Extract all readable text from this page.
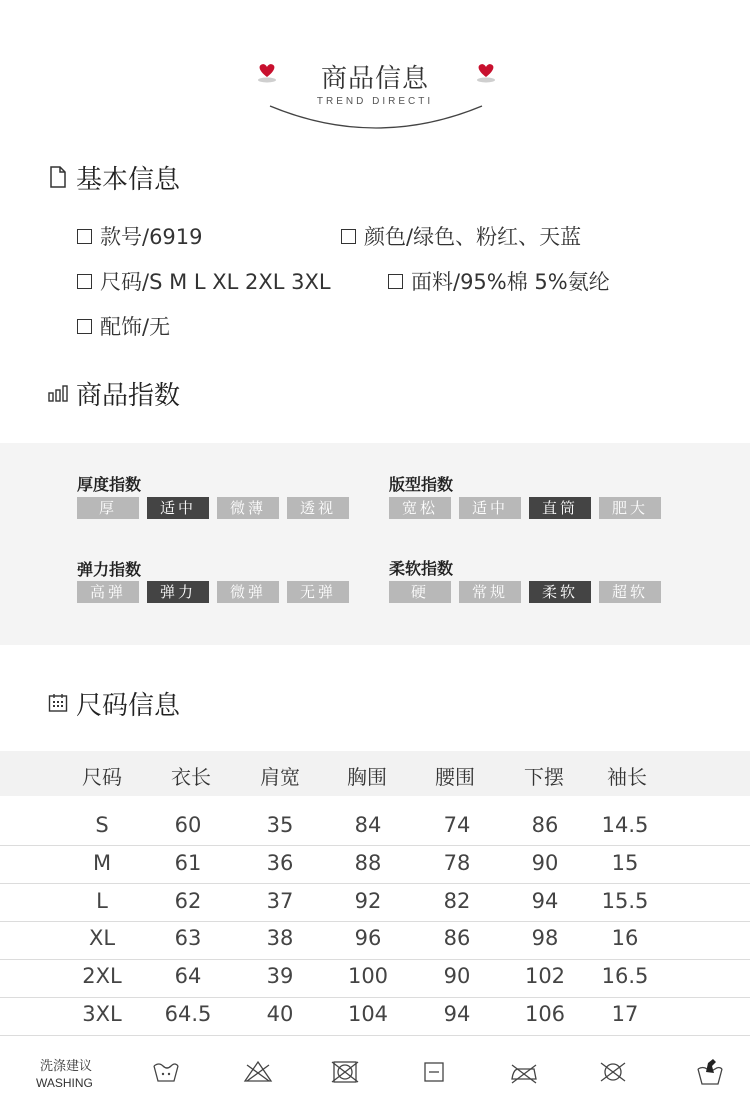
商品信息
TREND DIRECTI
基本信息
款号/6919	颜色/绿色、粉红、天蓝
尺码/S M L XL 2XL 3XL	面料/95%棉 5%氨纶
配饰/无
商品指数
厚度指数
厚	适中	微薄	透视
版型指数
宽松	适中	直筒	肥大
弹力指数
高弹	弹力	微弹	无弹
柔软指数
硬	常规	柔软	超软
尺码信息
尺码	衣长	肩宽	胸围	腰围	下摆	袖长
S	60	35	84	74	86	14.5
M	61	36	88	78	90	15
L	62	37	92	82	94	15.5
XL	63	38	96	86	98	16
2XL	64	39	100	90	102	16.5
3XL	64.5	40	104	94	106	17
洗涤建议
WASHING
